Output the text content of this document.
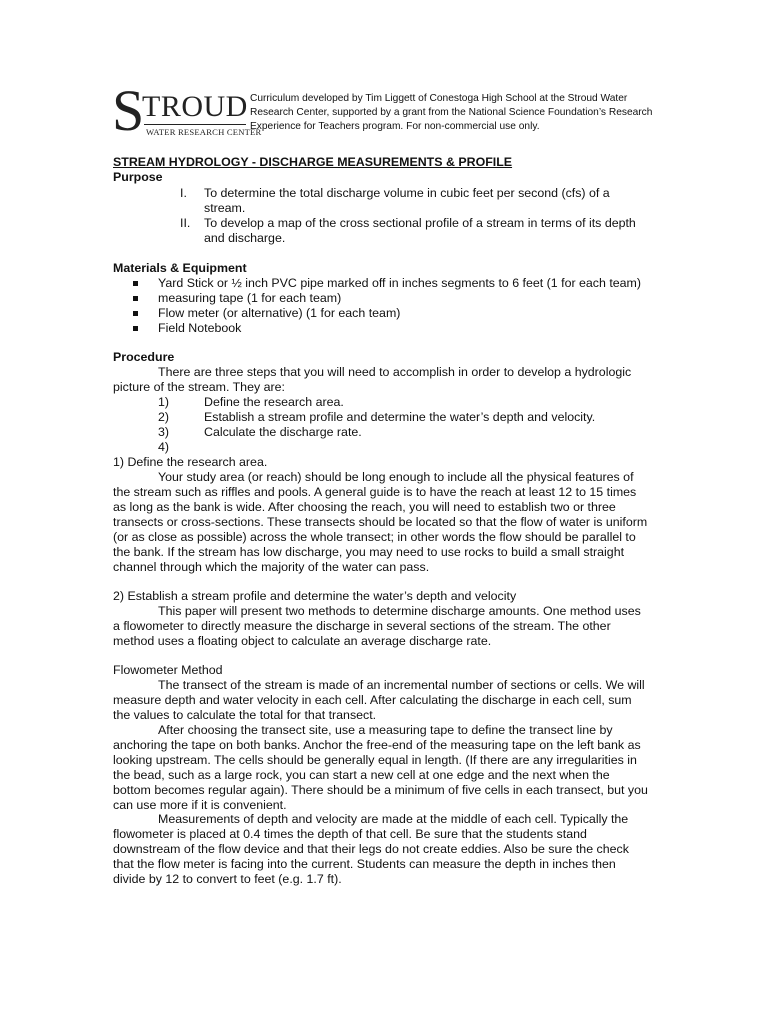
S
TROUD
WATER RESEARCH CENTER
Curriculum developed by Tim Liggett of Conestoga High School at the Stroud Water Research Center, supported by a grant from the National Science Foundation’s Research Experience for Teachers program. For non-commercial use only.
STREAM HYDROLOGY - DISCHARGE MEASUREMENTS & PROFILE
Purpose
I. To determine the total discharge volume in cubic feet per second (cfs) of a
stream.
II. To develop a map of the cross sectional profile of a stream in terms of its depth
and discharge.
Materials & Equipment
Yard Stick or ½ inch PVC pipe marked off in inches segments to 6 feet (1 for each team)
measuring tape (1 for each team)
Flow meter (or alternative) (1 for each team)
Field Notebook
Procedure
There are three steps that you will need to accomplish in order to develop a hydrologic
picture of the stream. They are:
1)	Define the research area.
2)	Establish a stream profile and determine the water’s depth and velocity.
3)	Calculate the discharge rate.
4)
1) Define the research area.
Your study area (or reach) should be long enough to include all the physical features of
the stream such as riffles and pools. A general guide is to have the reach at least 12 to 15 times
as long as the bank is wide. After choosing the reach, you will need to establish two or three
transects or cross-sections. These transects should be located so that the flow of water is uniform
(or as close as possible) across the whole transect; in other words the flow should be parallel to
the bank. If the stream has low discharge, you may need to use rocks to build a small straight
channel through which the majority of the water can pass.
2) Establish a stream profile and determine the water’s depth and velocity
This paper will present two methods to determine discharge amounts. One method uses
a flowometer to directly measure the discharge in several sections of the stream. The other
method uses a floating object to calculate an average discharge rate.
Flowometer Method
The transect of the stream is made of an incremental number of sections or cells. We will
measure depth and water velocity in each cell. After calculating the discharge in each cell, sum
the values to calculate the total for that transect.
After choosing the transect site, use a measuring tape to define the transect line by
anchoring the tape on both banks. Anchor the free-end of the measuring tape on the left bank as
looking upstream. The cells should be generally equal in length. (If there are any irregularities in
the bead, such as a large rock, you can start a new cell at one edge and the next when the
bottom becomes regular again). There should be a minimum of five cells in each transect, but you
can use more if it is convenient.
Measurements of depth and velocity are made at the middle of each cell. Typically the
flowometer is placed at 0.4 times the depth of that cell. Be sure that the students stand
downstream of the flow device and that their legs do not create eddies. Also be sure the check
that the flow meter is facing into the current. Students can measure the depth in inches then
divide by 12 to convert to feet (e.g. 1.7 ft).
